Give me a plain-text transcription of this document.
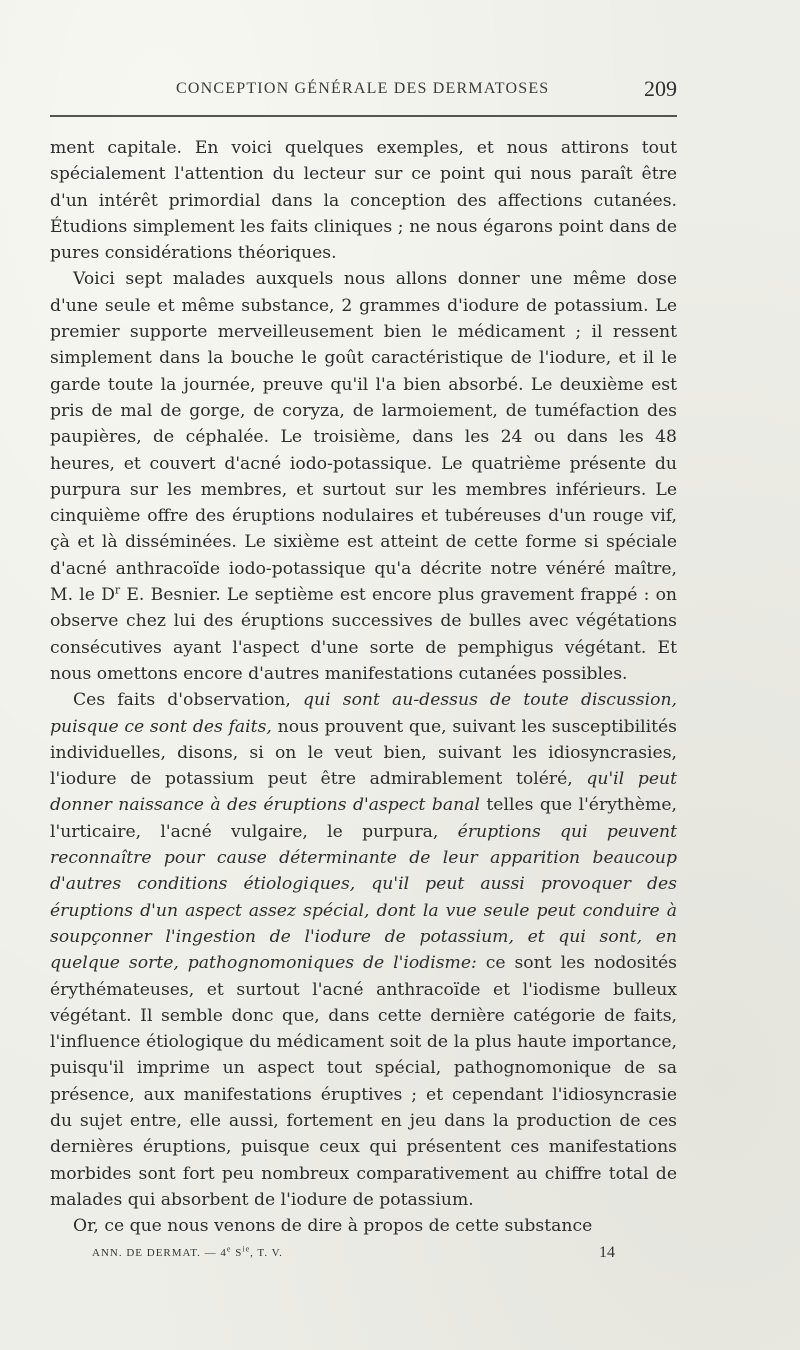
CONCEPTION GÉNÉRALE DES DERMATOSES	209

ment capitale. En voici quelques exemples, et nous attirons tout spécialement l'attention du lecteur sur ce point qui nous paraît être d'un intérêt primordial dans la conception des affections cutanées. Étudions simplement les faits cliniques ; ne nous égarons point dans de pures considérations théoriques.

Voici sept malades auxquels nous allons donner une même dose d'une seule et même substance, 2 grammes d'iodure de potassium. Le premier supporte merveilleusement bien le médicament ; il ressent simplement dans la bouche le goût caractéristique de l'iodure, et il le garde toute la journée, preuve qu'il l'a bien absorbé. Le deuxième est pris de mal de gorge, de coryza, de larmoiement, de tuméfaction des paupières, de céphalée. Le troisième, dans les 24 ou dans les 48 heures, et couvert d'acné iodo-potassique. Le quatrième présente du purpura sur les membres, et surtout sur les membres inférieurs. Le cinquième offre des éruptions nodulaires et tubéreuses d'un rouge vif, çà et là disséminées. Le sixième est atteint de cette forme si spéciale d'acné anthracoïde iodo-potassique qu'a décrite notre vénéré maître, M. le $D^r$ E. Besnier. Le septième est encore plus gravement frappé : on observe chez lui des éruptions successives de bulles avec végétations consécutives ayant l'aspect d'une sorte de pemphigus végétant. Et nous omettons encore d'autres manifestations cutanées possibles.

Ces faits d'observation, qui sont au-dessus de toute discussion, puisque ce sont des faits, nous prouvent que, suivant les susceptibilités individuelles, disons, si on le veut bien, suivant les idiosyncrasies, l'iodure de potassium peut être admirablement toléré, qu'il peut donner naissance à des éruptions d'aspect banal telles que l'érythème, l'urticaire, l'acné vulgaire, le purpura, éruptions qui peuvent reconnaître pour cause déterminante de leur apparition beaucoup d'autres conditions étiologiques, qu'il peut aussi provoquer des éruptions d'un aspect assez spécial, dont la vue seule peut conduire à soupçonner l'ingestion de l'iodure de potassium, et qui sont, en quelque sorte, pathognomoniques de l'iodisme: ce sont les nodosités érythémateuses, et surtout l'acné anthracoïde et l'iodisme bulleux végétant. Il semble donc que, dans cette dernière catégorie de faits, l'influence étiologique du médicament soit de la plus haute importance, puisqu'il imprime un aspect tout spécial, pathognomonique de sa présence, aux manifestations éruptives ; et cependant l'idiosyncrasie du sujet entre, elle aussi, fortement en jeu dans la production de ces dernières éruptions, puisque ceux qui présentent ces manifestations morbides sont fort peu nombreux comparativement au chiffre total de malades qui absorbent de l'iodure de potassium.

Or, ce que nous venons de dire à propos de cette substance

ANN. DE DERMAT. — 4e $S^{ie}$, T. V.	14
